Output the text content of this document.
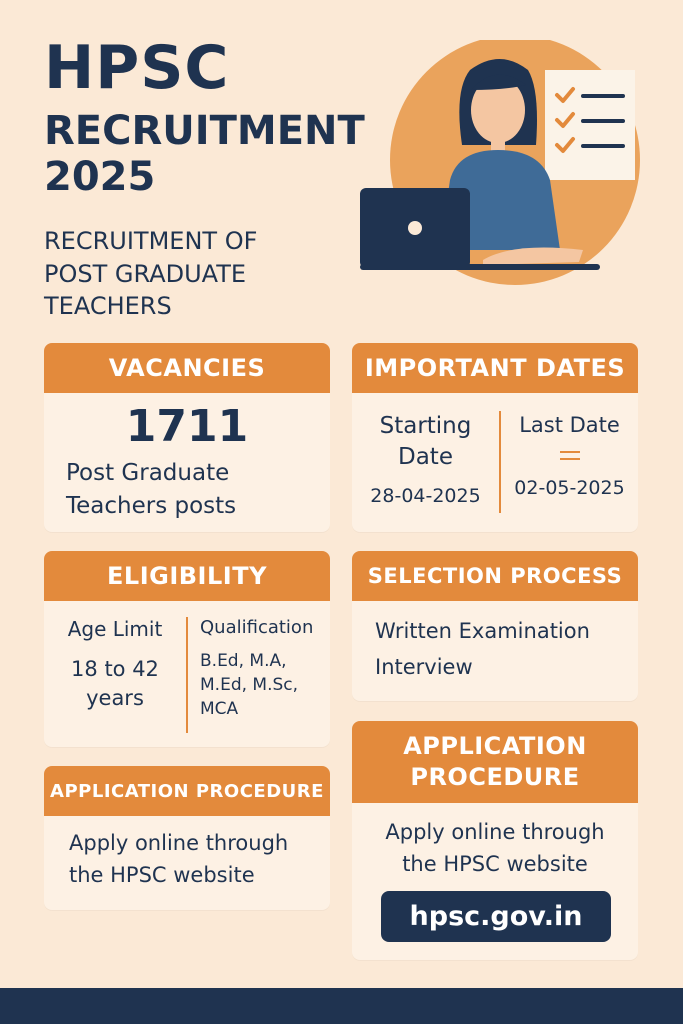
HPSC
RECRUITMENT
2025
RECRUITMENT OF POST GRADUATE TEACHERS
VACANCIES
1711
Post Graduate Teachers posts
IMPORTANT DATES
Starting Date
28-04-2025
Last Date
02-05-2025
ELIGIBILITY
Age Limit
18 to 42 years
Qualification
B.Ed, M.A, M.Ed, M.Sc, MCA
SELECTION PROCESS
Written Examination
Interview
APPLICATION PROCEDURE
Apply online through the HPSC website
APPLICATION PROCEDURE
Apply online through the HPSC website
hpsc.gov.in
